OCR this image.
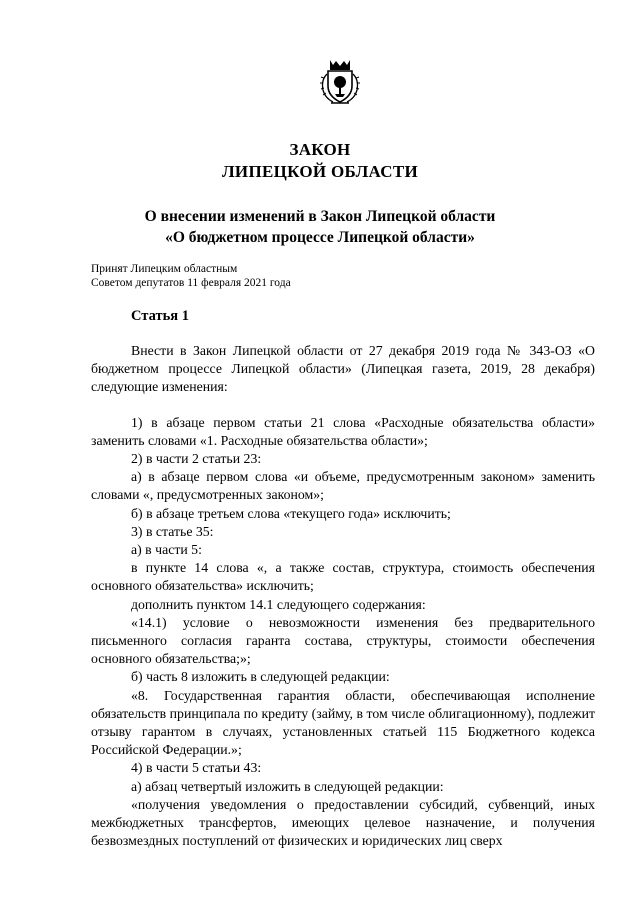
ЗАКОН
ЛИПЕЦКОЙ ОБЛАСТИ
О внесении изменений в Закон Липецкой области
«О бюджетном процессе Липецкой области»
Принят Липецким областным
Советом депутатов 11 февраля 2021 года
Статья 1

Внести в Закон Липецкой области от 27 декабря 2019 года № 343-ОЗ «О бюджетном процессе Липецкой области» (Липецкая газета, 2019, 28 декабря) следующие изменения:

1) в абзаце первом статьи 21 слова «Расходные обязательства области» заменить словами «1. Расходные обязательства области»;

2) в части 2 статьи 23:

а) в абзаце первом слова «и объеме, предусмотренным законом» заменить словами «, предусмотренных законом»;

б) в абзаце третьем слова «текущего года» исключить;

3) в статье 35:

а) в части 5:

в пункте 14 слова «, а также состав, структура, стоимость обеспечения основного обязательства» исключить;

дополнить пунктом 14.1 следующего содержания:

«14.1) условие о невозможности изменения без предварительного письменного согласия гаранта состава, структуры, стоимости обеспечения основного обязательства;»;

б) часть 8 изложить в следующей редакции:

«8. Государственная гарантия области, обеспечивающая исполнение обязательств принципала по кредиту (займу, в том числе облигационному), подлежит отзыву гарантом в случаях, установленных статьей 115 Бюджетного кодекса Российской Федерации.»;

4) в части 5 статьи 43:

а) абзац четвертый изложить в следующей редакции:

«получения уведомления о предоставлении субсидий, субвенций, иных межбюджетных трансфертов, имеющих целевое назначение, и получения безвозмездных поступлений от физических и юридических лиц сверх
